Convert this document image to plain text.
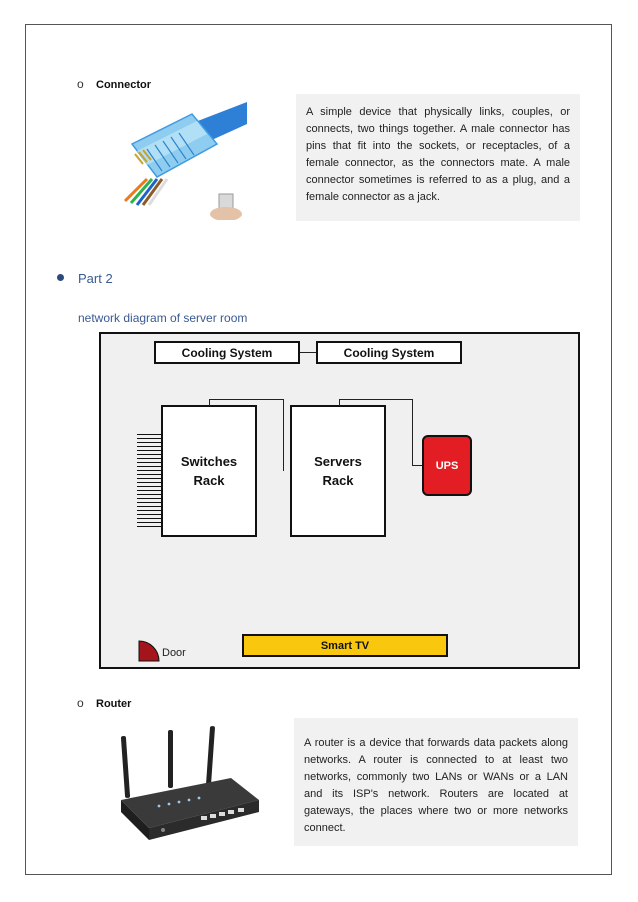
o Connector
A simple device that physically links, couples, or connects, two things together. A male connector has pins that fit into the sockets, or receptacles, of a female connector, as the connectors mate. A male connector sometimes is referred to as a plug, and a female connector as a jack.
Part 2
network diagram of server room
Cooling System	Cooling System
Switches
Rack
Servers
Rack
UPS
Door
Smart TV
o Router
A router is a device that forwards data packets along networks. A router is connected to at least two networks, commonly two LANs or WANs or a LAN and its ISP's network. Routers are located at gateways, the places where two or more networks connect.
